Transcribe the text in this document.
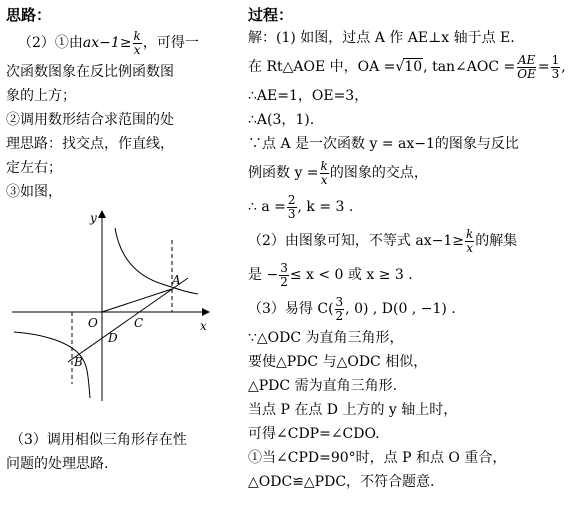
思路：
（2）①由$ax-1\ge \frac{k}{x}$ ，可得一
次函数图象在反比例函数图
象的上方；
②调用数形结合求范围的处
理思路：找交点，作直线，
定左右；
③如图，
y
x
O
A
B
C
D
（3）调用相似三角形存在性
问题的处理思路.
过程：
解：(1) 如图，过点 A 作 AE⊥x 轴于点 E.
在 Rt△AOE 中，OA =√10, tan∠AOC = $\frac{AE}{OE} = \frac{1}{3}$ ,
∴AE=1，OE=3，
∴A(3，1).
∵点 A 是一次函数 y = ax−1的图象与反比
例函数 $y = \frac{k}{x}$ 的图象的交点，
∴ $a = \frac{2}{3}$ , k = 3 .
（2）由图象可知，不等式 $ax-1\ge \frac{k}{x}$ 的解集
是 − $\frac{3}{2} \le x < 0$ 或 x ≥ 3 .
（3）易得 $C( \frac{3}{2}$ , 0) , D(0 , −1) .
∵△ODC 为直角三角形，
要使△PDC 与△ODC 相似，
△PDC 需为直角三角形.
当点 P 在点 D 上方的 y 轴上时，
可得∠CDP=∠CDO.
①当∠CPD=90°时，点 P 和点 O 重合，
△ODC≌△PDC，不符合题意.
